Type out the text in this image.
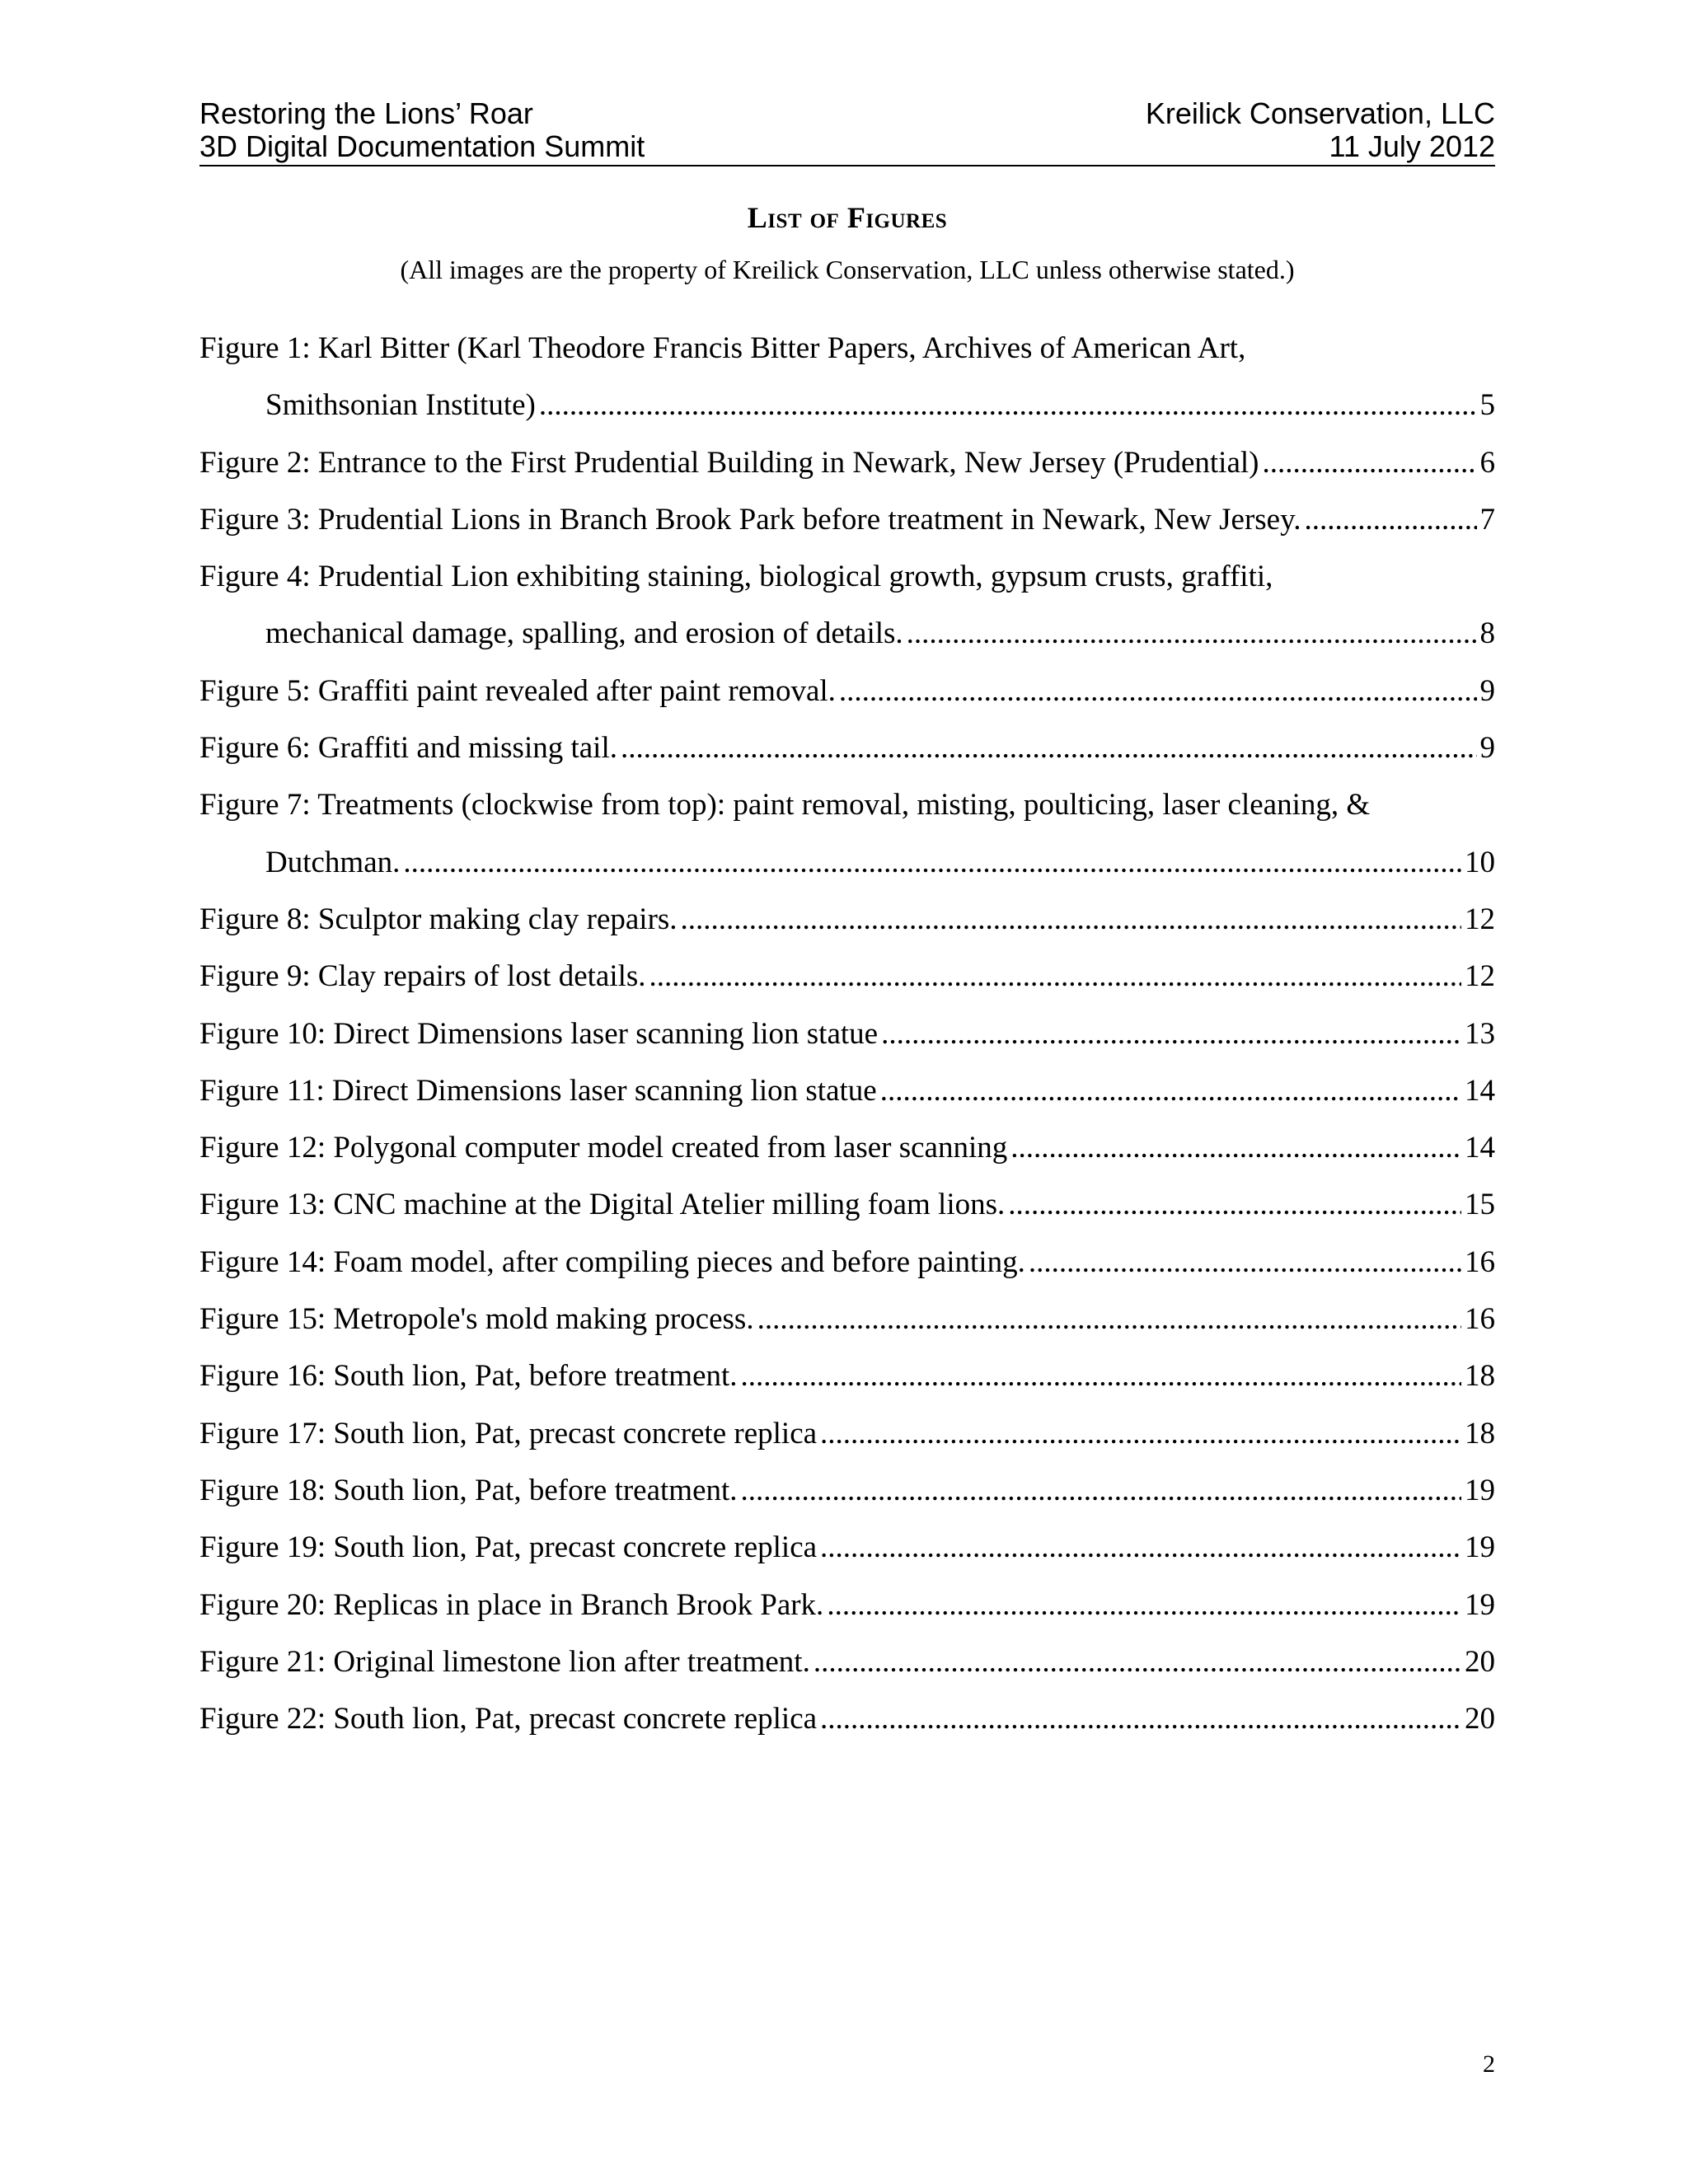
Restoring the Lions’ Roar	Kreilick Conservation, LLC
3D Digital Documentation Summit	11 July 2012
List of Figures
(All images are the property of Kreilick Conservation, LLC unless otherwise stated.)
Figure 1: Karl Bitter (Karl Theodore Francis Bitter Papers, Archives of American Art,
Smithsonian Institute) .....	5
Figure 2: Entrance to the First Prudential Building in Newark, New Jersey (Prudential) .....	6
Figure 3: Prudential Lions in Branch Brook Park before treatment in Newark, New Jersey. .....	7
Figure 4: Prudential Lion exhibiting staining, biological growth, gypsum crusts, graffiti,
mechanical damage, spalling, and erosion of details. .....	8
Figure 5: Graffiti paint revealed after paint removal. .....	9
Figure 6: Graffiti and missing tail. .....	9
Figure 7: Treatments (clockwise from top): paint removal, misting, poulticing, laser cleaning, &
Dutchman. .....	10
Figure 8: Sculptor making clay repairs. .....	12
Figure 9: Clay repairs of lost details. .....	12
Figure 10: Direct Dimensions laser scanning lion statue .....	13
Figure 11: Direct Dimensions laser scanning lion statue .....	14
Figure 12: Polygonal computer model created from laser scanning .....	14
Figure 13: CNC machine at the Digital Atelier milling foam lions. .....	15
Figure 14: Foam model, after compiling pieces and before painting. .....	16
Figure 15: Metropole's mold making process. .....	16
Figure 16: South lion, Pat, before treatment. .....	18
Figure 17: South lion, Pat, precast concrete replica .....	18
Figure 18: South lion, Pat, before treatment. .....	19
Figure 19: South lion, Pat, precast concrete replica .....	19
Figure 20: Replicas in place in Branch Brook Park. .....	19
Figure 21: Original limestone lion after treatment. .....	20
Figure 22: South lion, Pat, precast concrete replica .....	20
2
